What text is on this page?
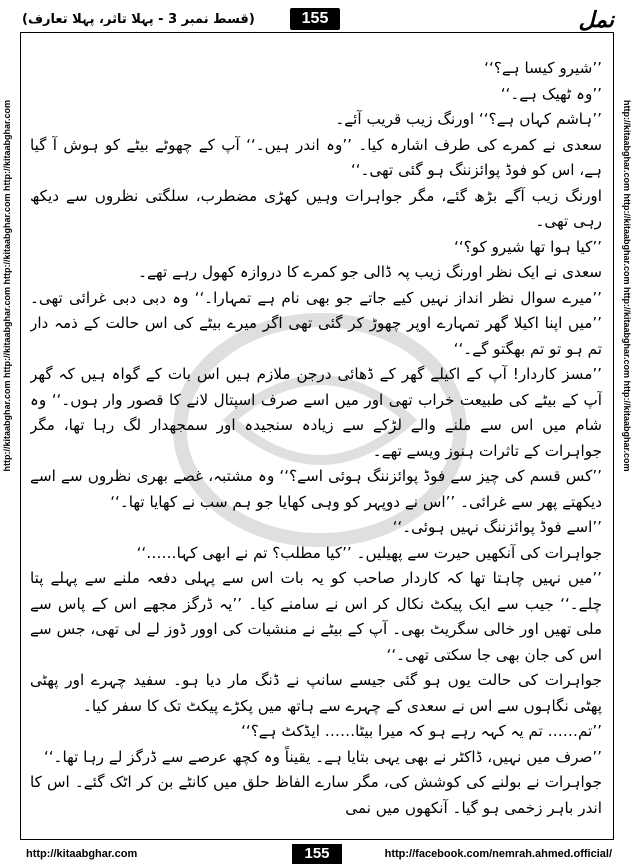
(قسط نمبر 3 - پہلا تاثر، پہلا تعارف)	155	نمل
http://kitaabghar.com http://kitaabghar.com http://kitaabghar.com http://kitaabghar.com	http://kitaabghar.com http://kitaabghar.com http://kitaabghar.com http://kitaabghar.com

’’شیرو کیسا ہے؟‘‘

’’وہ ٹھیک ہے۔‘‘

’’ہاشم کہاں ہے؟‘‘ اورنگ زیب قریب آئے۔

سعدی نے کمرے کی طرف اشارہ کیا۔ ’’وہ اندر ہیں۔‘‘ آپ کے چھوٹے بیٹے کو ہوش آ گیا ہے، اس کو فوڈ پوائزننگ ہو گئی تھی۔‘‘

اورنگ زیب آگے بڑھ گئے، مگر جواہرات وہیں کھڑی مضطرب، سلگتی نظروں سے دیکھ رہی تھی۔

’’کیا ہوا تھا شیرو کو؟‘‘

سعدی نے ایک نظر اورنگ زیب پہ ڈالی جو کمرے کا دروازہ کھول رہے تھے۔

’’میرے سوال نظر انداز نہیں کیے جاتے جو بھی نام ہے تمہارا۔‘‘ وہ دبی دبی غرائی تھی۔ ’’میں اپنا اکیلا گھر تمہارے اوپر چھوڑ کر گئی تھی اگر میرے بیٹے کی اس حالت کے ذمہ دار تم ہو تو تم بھگتو گے۔‘‘

’’مسز کاردار! آپ کے اکیلے گھر کے ڈھائی درجن ملازم ہیں اس بات کے گواہ ہیں کہ گھر آپ کے بیٹے کی طبیعت خراب تھی اور میں اسے صرف اسپتال لانے کا قصور وار ہوں۔‘‘ وہ شام میں اس سے ملنے والے لڑکے سے زیادہ سنجیدہ اور سمجھدار لگ رہا تھا، مگر جواہرات کے تاثرات ہنوز ویسے تھے۔

’’کس قسم کی چیز سے فوڈ پوائزننگ ہوئی اسے؟‘‘ وہ مشتبہ، غصے بھری نظروں سے اسے دیکھتے پھر سے غرائی۔ ’’اس نے دوپہر کو وہی کھایا جو ہم سب نے کھایا تھا۔‘‘

’’اسے فوڈ پوائزننگ نہیں ہوئی۔‘‘

جواہرات کی آنکھیں حیرت سے پھیلیں۔ ’’کیا مطلب؟ تم نے ابھی کہا……‘‘

’’میں نہیں چاہتا تھا کہ کاردار صاحب کو یہ بات اس سے پہلی دفعہ ملنے سے پہلے پتا چلے۔‘‘ جیب سے ایک پیکٹ نکال کر اس نے سامنے کیا۔ ’’یہ ڈرگز مجھے اس کے پاس سے ملی تھیں اور خالی سگریٹ بھی۔ آپ کے بیٹے نے منشیات کی اوور ڈوز لے لی تھی، جس سے اس کی جان بھی جا سکتی تھی۔‘‘

جواہرات کی حالت یوں ہو گئی جیسے سانپ نے ڈنگ مار دیا ہو۔ سفید چہرے اور پھٹی پھٹی نگاہوں سے اس نے سعدی کے چہرے سے ہاتھ میں پکڑے پیکٹ تک کا سفر کیا۔

’’تم…… تم یہ کہہ رہے ہو کہ میرا بیٹا…… ایڈکٹ ہے؟‘‘

’’صرف میں نہیں، ڈاکٹر نے بھی یہی بتایا ہے۔ یقیناً وہ کچھ عرصے سے ڈرگز لے رہا تھا۔‘‘

جواہرات نے بولنے کی کوشش کی، مگر سارے الفاظ حلق میں کانٹے بن کر اٹک گئے۔ اس کا اندر باہر زخمی ہو گیا۔ آنکھوں میں نمی

http://kitaabghar.com	155	http://facebook.com/nemrah.ahmed.official/
